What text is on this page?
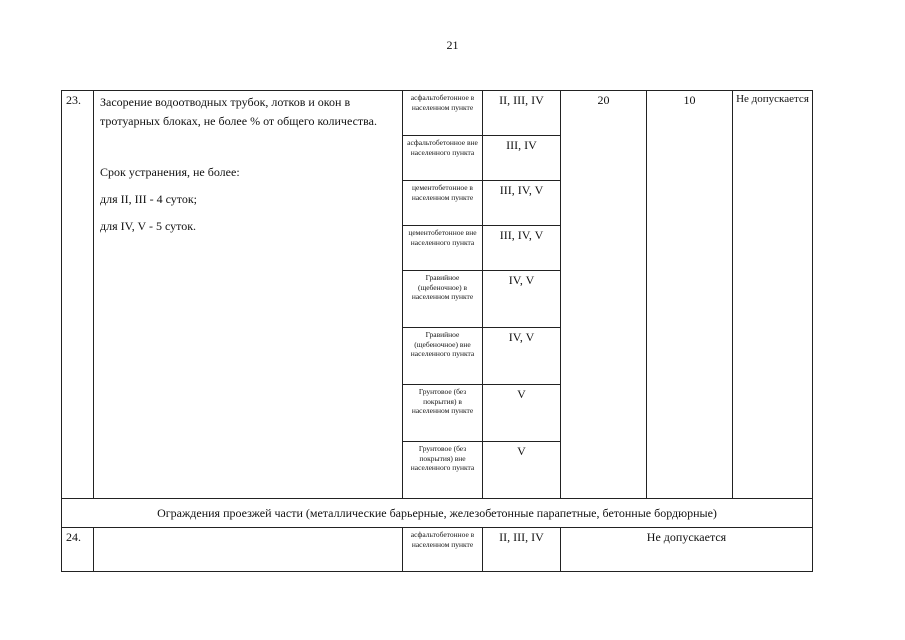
21
23.	Засорение водоотводных трубок, лотков и окон в тротуарных блоках, не более % от общего количества.

Срок устранения, не более:

для II, III - 4 суток;

для IV, V - 5 суток.	асфальтобетонное в населенном пункте	II, III, IV	20	10	Не допускается
		асфальтобетонное вне населенного пункта	III, IV			
		цементобетонное в населенном пункте	III, IV, V			
		цементобетонное вне населенного пункта	III, IV, V			
		Гравийное (щебеночное) в населенном пункте	IV, V			
		Гравийное (щебеночное) вне населенного пункта	IV, V			
		Грунтовое (без покрытия) в населенном пункте	V			
		Грунтовое (без покрытия) вне населенного пункта	V			
Ограждения проезжей части (металлические барьерные, железобетонные парапетные, бетонные бордюрные)						
24.		асфальтобетонное в населенном пункте	II, III, IV	Не допускается		
